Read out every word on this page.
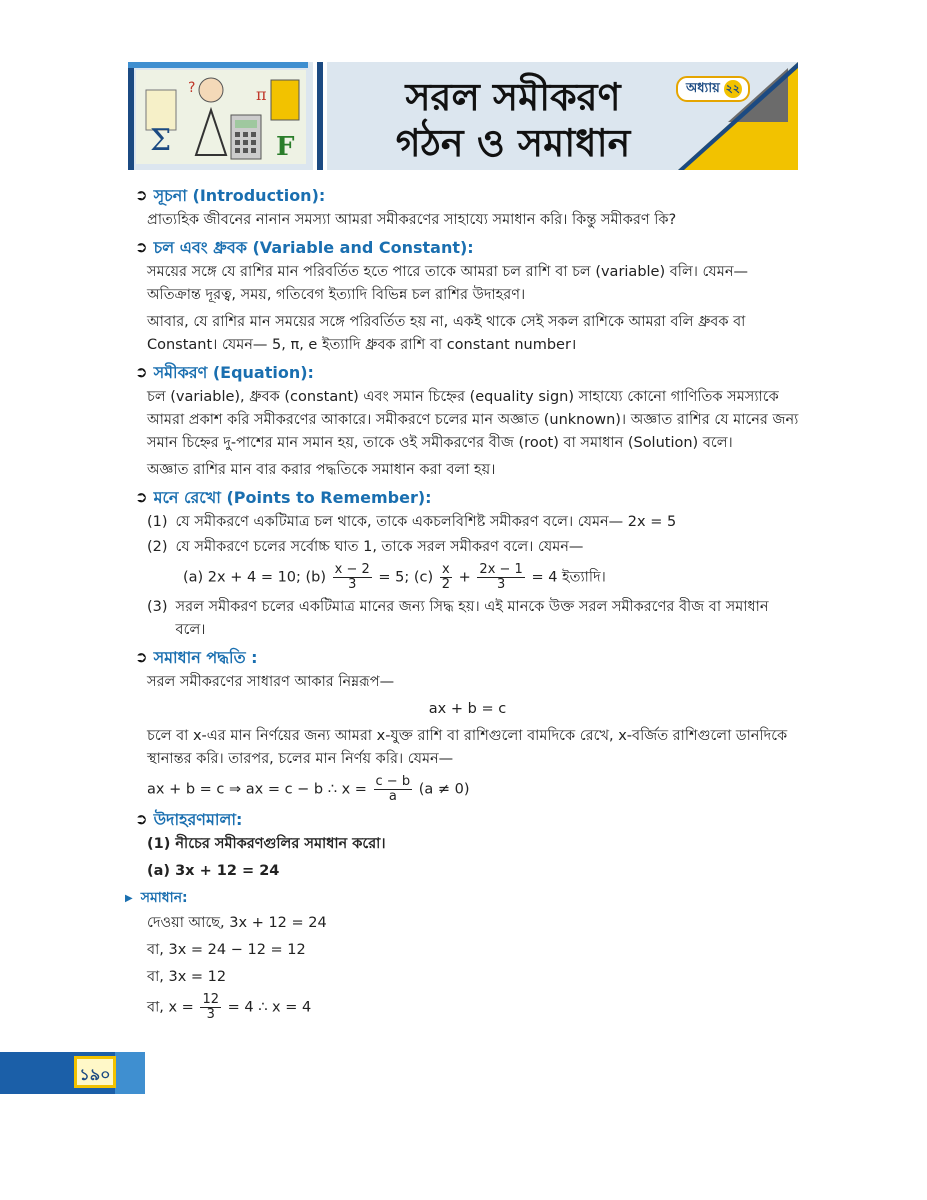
Σ	F
π
?	সরল সমীকরণ
গঠন ও সমাধান
অধ্যায় ২২
➲ সূচনা (Introduction):

প্রাত্যহিক জীবনের নানান সমস্যা আমরা সমীকরণের সাহায্যে সমাধান করি। কিন্তু সমীকরণ কি?

➲ চল এবং ধ্রুবক (Variable and Constant):

সময়ের সঙ্গে যে রাশির মান পরিবর্তিত হতে পারে তাকে আমরা চল রাশি বা চল (variable) বলি। যেমন— অতিক্রান্ত দূরত্ব, সময়, গতিবেগ ইত্যাদি বিভিন্ন চল রাশির উদাহরণ।

আবার, যে রাশির মান সময়ের সঙ্গে পরিবর্তিত হয় না, একই থাকে সেই সকল রাশিকে আমরা বলি ধ্রুবক বা Constant। যেমন— 5, π, e ইত্যাদি ধ্রুবক রাশি বা constant number।

➲ সমীকরণ (Equation):

চল (variable), ধ্রুবক (constant) এবং সমান চিহ্নের (equality sign) সাহায্যে কোনো গাণিতিক সমস্যাকে আমরা প্রকাশ করি সমীকরণের আকারে। সমীকরণে চলের মান অজ্ঞাত (unknown)। অজ্ঞাত রাশির যে মানের জন্য সমান চিহ্নের দু-পাশের মান সমান হয়, তাকে ওই সমীকরণের বীজ (root) বা সমাধান (Solution) বলে।

অজ্ঞাত রাশির মান বার করার পদ্ধতিকে সমাধান করা বলা হয়।

➲ মনে রেখো (Points to Remember):
(1) যে সমীকরণে একটিমাত্র চল থাকে, তাকে একচলবিশিষ্ট সমীকরণ বলে। যেমন— 2x = 5
(2) যে সমীকরণে চলের সর্বোচ্চ ঘাত 1, তাকে সরল সমীকরণ বলে। যেমন—
(a) 2x + 4 = 10; $(b) \frac{x - 2}{3} = 5$; $(c) \frac{x}{2} + \frac{2x - 1}{3} = 4$ ইত্যাদি।
(3) সরল সমীকরণ চলের একটিমাত্র মানের জন্য সিদ্ধ হয়। এই মানকে উক্ত সরল সমীকরণের বীজ বা সমাধান বলে।
➲ সমাধান পদ্ধতি :

সরল সমীকরণের সাধারণ আকার নিম্নরূপ—

ax + b = c

চলে বা x-এর মান নির্ণয়ের জন্য আমরা x-যুক্ত রাশি বা রাশিগুলো বামদিকে রেখে, x-বর্জিত রাশিগুলো ডানদিকে স্থানান্তর করি। তারপর, চলের মান নির্ণয় করি। যেমন—

ax + b = c ⇒ ax = c − b ∴ $x = \frac{c - b}{a} (a \ne 0)$

➲ উদাহরণমালা:

(1) নীচের সমীকরণগুলির সমাধান করো।

(a) 3x + 12 = 24

▶ সমাধান:

দেওয়া আছে, 3x + 12 = 24

বা, 3x = 24 − 12 = 12

বা, 3x = 12

বা, $x = \frac{12}{3} = 4$ ∴ x = 4

১৯০
